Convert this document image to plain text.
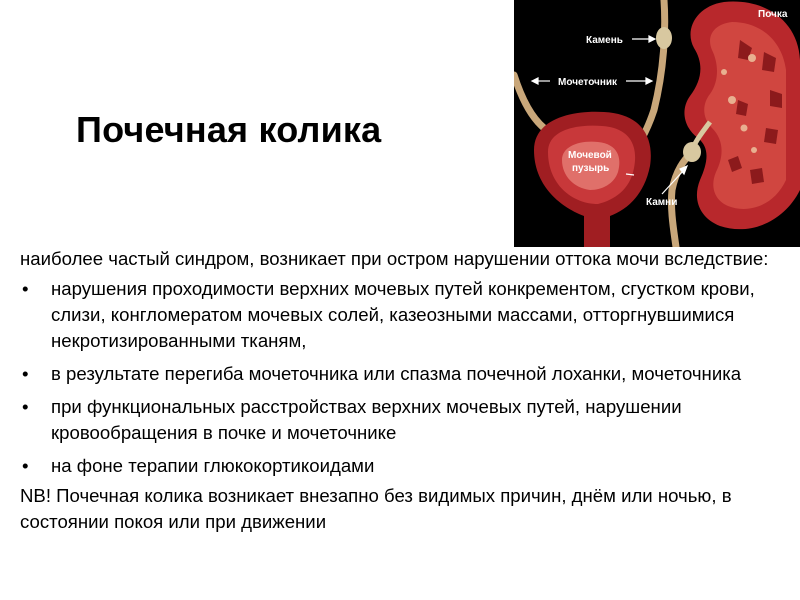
Почечная колика
Почка
Камень
Мочеточник
Мочевой
пузырь
Камни

наиболее частый синдром, возникает при остром нарушении оттока мочи вследствие:

• нарушения проходимости верхних мочевых путей конкрементом, сгустком крови, слизи, конгломератом мочевых солей, казеозными массами, отторгнувшимися некротизированными тканям,
• в результате перегиба мочеточника или спазма почечной лоханки, мочеточника
• при функциональных расстройствах верхних мочевых путей, нарушении кровообращения в почке и мочеточнике
• на фоне терапии глюкокортикоидами

NB! Почечная колика возникает внезапно без видимых причин, днём или ночью, в состоянии покоя или при движении
